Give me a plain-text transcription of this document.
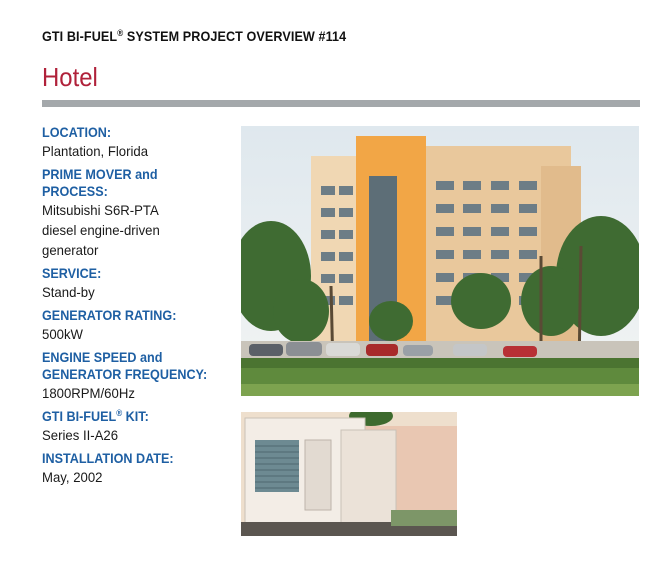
GTI BI-FUEL® SYSTEM PROJECT OVERVIEW #114
Hotel
LOCATION:
Plantation, Florida
PRIME MOVER and
PROCESS:
Mitsubishi S6R-PTA
diesel engine-driven
generator
SERVICE:
Stand-by
GENERATOR RATING:
500kW
ENGINE SPEED and
GENERATOR FREQUENCY:
1800RPM/60Hz
GTI BI-FUEL® KIT:
Series II-A26
INSTALLATION DATE:
May, 2002
